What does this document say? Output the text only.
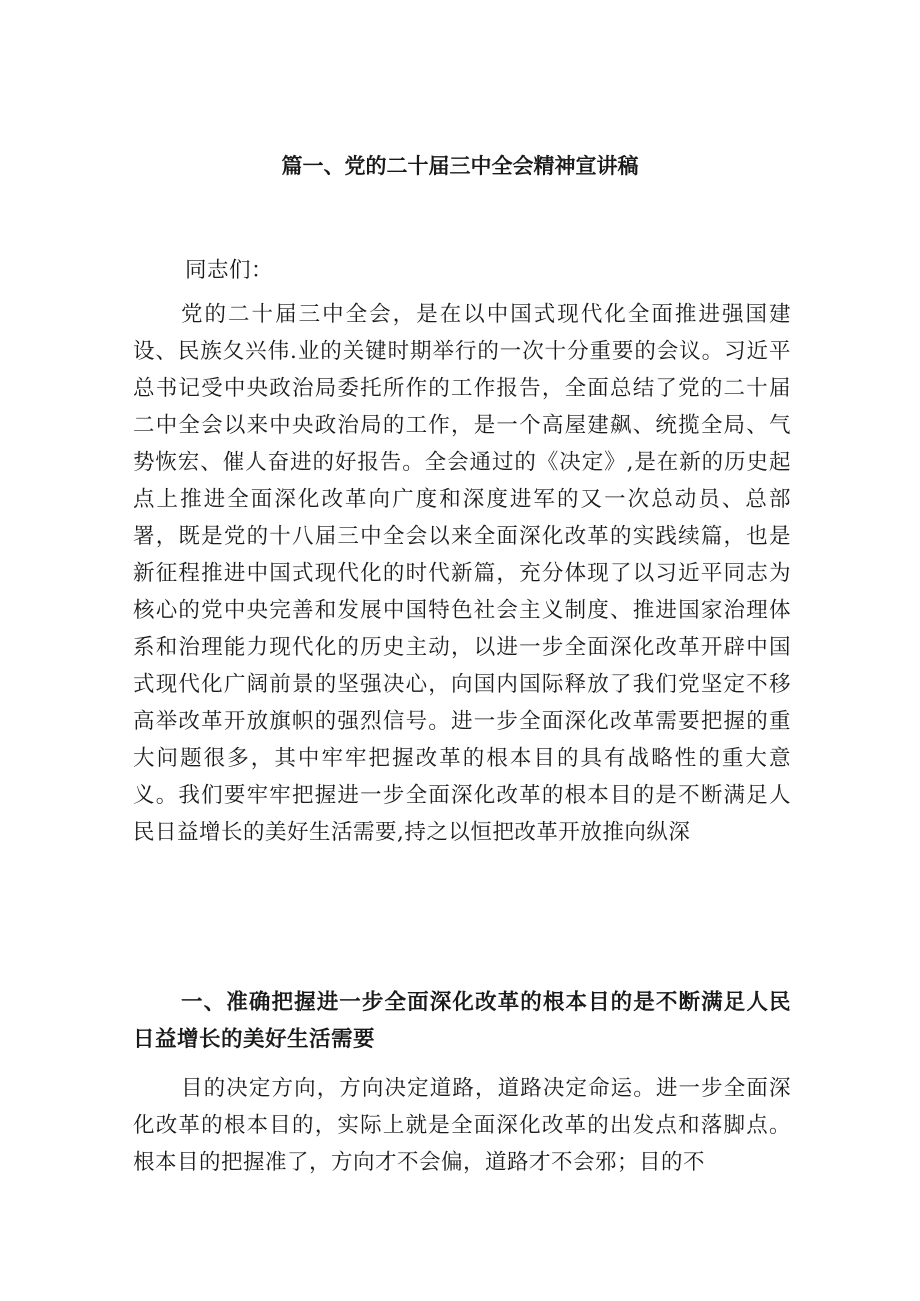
篇一、党的二十届三中全会精神宣讲稿
同志们：
党的二十届三中全会，是在以中国式现代化全面推进强国建设、民族夂兴伟.业的关键时期举行的一次十分重要的会议。习近平总书记受中央政治局委托所作的工作报告，全面总结了党的二十届二中全会以来中央政治局的工作，是一个高屋建飙、统揽全局、气势恢宏、催人奋进的好报告。全会通过的《决定》,是在新的历史起点上推进全面深化改革向广度和深度进军的又一次总动员、总部署，既是党的十八届三中全会以来全面深化改革的实践续篇，也是新征程推进中国式现代化的时代新篇，充分体现了以习近平同志为核心的党中央完善和发展中国特色社会主义制度、推进国家治理体系和治理能力现代化的历史主动，以进一步全面深化改革开辟中国式现代化广阔前景的坚强决心，向国内国际释放了我们党坚定不移高举改革开放旗帜的强烈信号。进一步全面深化改革需要把握的重大问题很多，其中牢牢把握改革的根本目的具有战略性的重大意义。我们要牢牢把握进一步全面深化改革的根本目的是不断满足人民日益增长的美好生活需要,持之以恒把改革开放推向纵深
一、准确把握进一步全面深化改革的根本目的是不断满足人民日益增长的美好生活需要
目的决定方向，方向决定道路，道路决定命运。进一步全面深化改革的根本目的，实际上就是全面深化改革的出发点和落脚点。根本目的把握准了，方向才不会偏，道路才不会邪；目的不
